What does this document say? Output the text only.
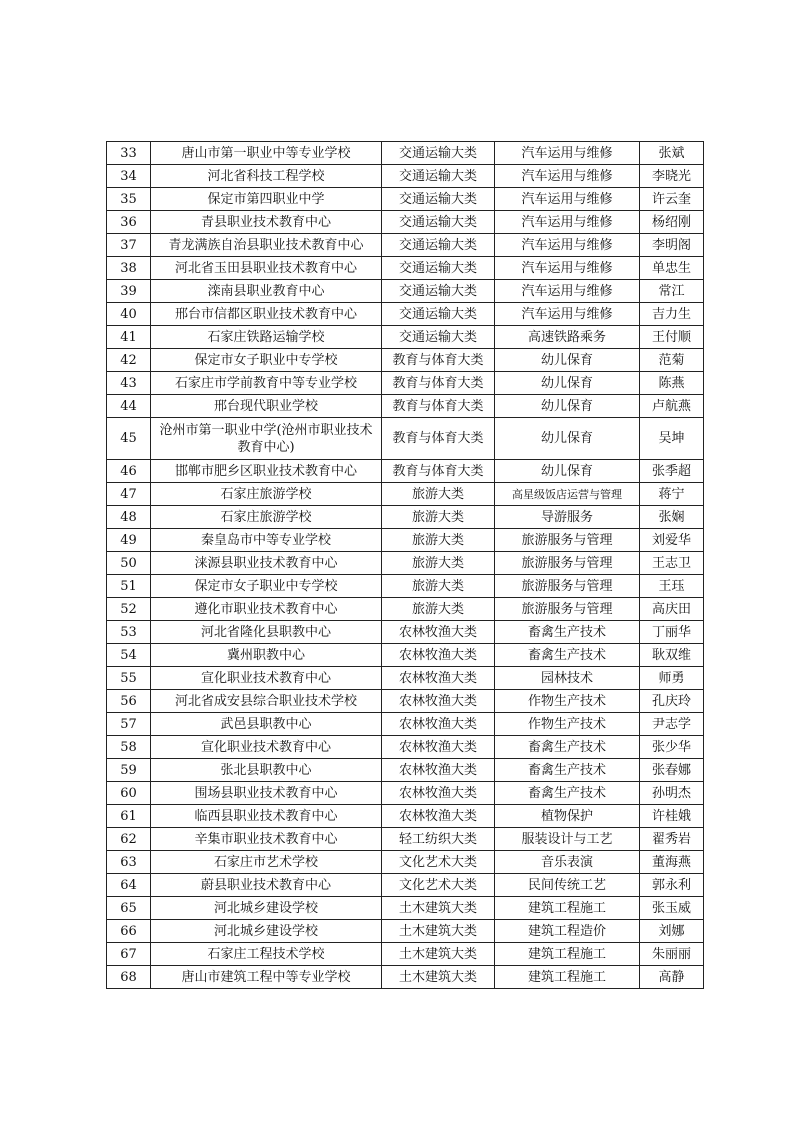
33	唐山市第一职业中等专业学校	交通运输大类	汽车运用与维修	张斌
34	河北省科技工程学校	交通运输大类	汽车运用与维修	李晓光
35	保定市第四职业中学	交通运输大类	汽车运用与维修	许云奎
36	青县职业技术教育中心	交通运输大类	汽车运用与维修	杨绍刚
37	青龙满族自治县职业技术教育中心	交通运输大类	汽车运用与维修	李明阁
38	河北省玉田县职业技术教育中心	交通运输大类	汽车运用与维修	单忠生
39	滦南县职业教育中心	交通运输大类	汽车运用与维修	常江
40	邢台市信都区职业技术教育中心	交通运输大类	汽车运用与维修	吉力生
41	石家庄铁路运输学校	交通运输大类	高速铁路乘务	王付顺
42	保定市女子职业中专学校	教育与体育大类	幼儿保育	范菊
43	石家庄市学前教育中等专业学校	教育与体育大类	幼儿保育	陈燕
44	邢台现代职业学校	教育与体育大类	幼儿保育	卢航燕
45	沧州市第一职业中学(沧州市职业技术教育中心)	教育与体育大类	幼儿保育	吴坤
46	邯郸市肥乡区职业技术教育中心	教育与体育大类	幼儿保育	张季超
47	石家庄旅游学校	旅游大类	高星级饭店运营与管理	蒋宁
48	石家庄旅游学校	旅游大类	导游服务	张娴
49	秦皇岛市中等专业学校	旅游大类	旅游服务与管理	刘爱华
50	涞源县职业技术教育中心	旅游大类	旅游服务与管理	王志卫
51	保定市女子职业中专学校	旅游大类	旅游服务与管理	王珏
52	遵化市职业技术教育中心	旅游大类	旅游服务与管理	高庆田
53	河北省隆化县职教中心	农林牧渔大类	畜禽生产技术	丁丽华
54	冀州职教中心	农林牧渔大类	畜禽生产技术	耿双维
55	宣化职业技术教育中心	农林牧渔大类	园林技术	师勇
56	河北省成安县综合职业技术学校	农林牧渔大类	作物生产技术	孔庆玲
57	武邑县职教中心	农林牧渔大类	作物生产技术	尹志学
58	宣化职业技术教育中心	农林牧渔大类	畜禽生产技术	张少华
59	张北县职教中心	农林牧渔大类	畜禽生产技术	张春娜
60	围场县职业技术教育中心	农林牧渔大类	畜禽生产技术	孙明杰
61	临西县职业技术教育中心	农林牧渔大类	植物保护	许桂娥
62	辛集市职业技术教育中心	轻工纺织大类	服装设计与工艺	翟秀岩
63	石家庄市艺术学校	文化艺术大类	音乐表演	董海燕
64	蔚县职业技术教育中心	文化艺术大类	民间传统工艺	郭永利
65	河北城乡建设学校	土木建筑大类	建筑工程施工	张玉威
66	河北城乡建设学校	土木建筑大类	建筑工程造价	刘娜
67	石家庄工程技术学校	土木建筑大类	建筑工程施工	朱丽丽
68	唐山市建筑工程中等专业学校	土木建筑大类	建筑工程施工	高静
